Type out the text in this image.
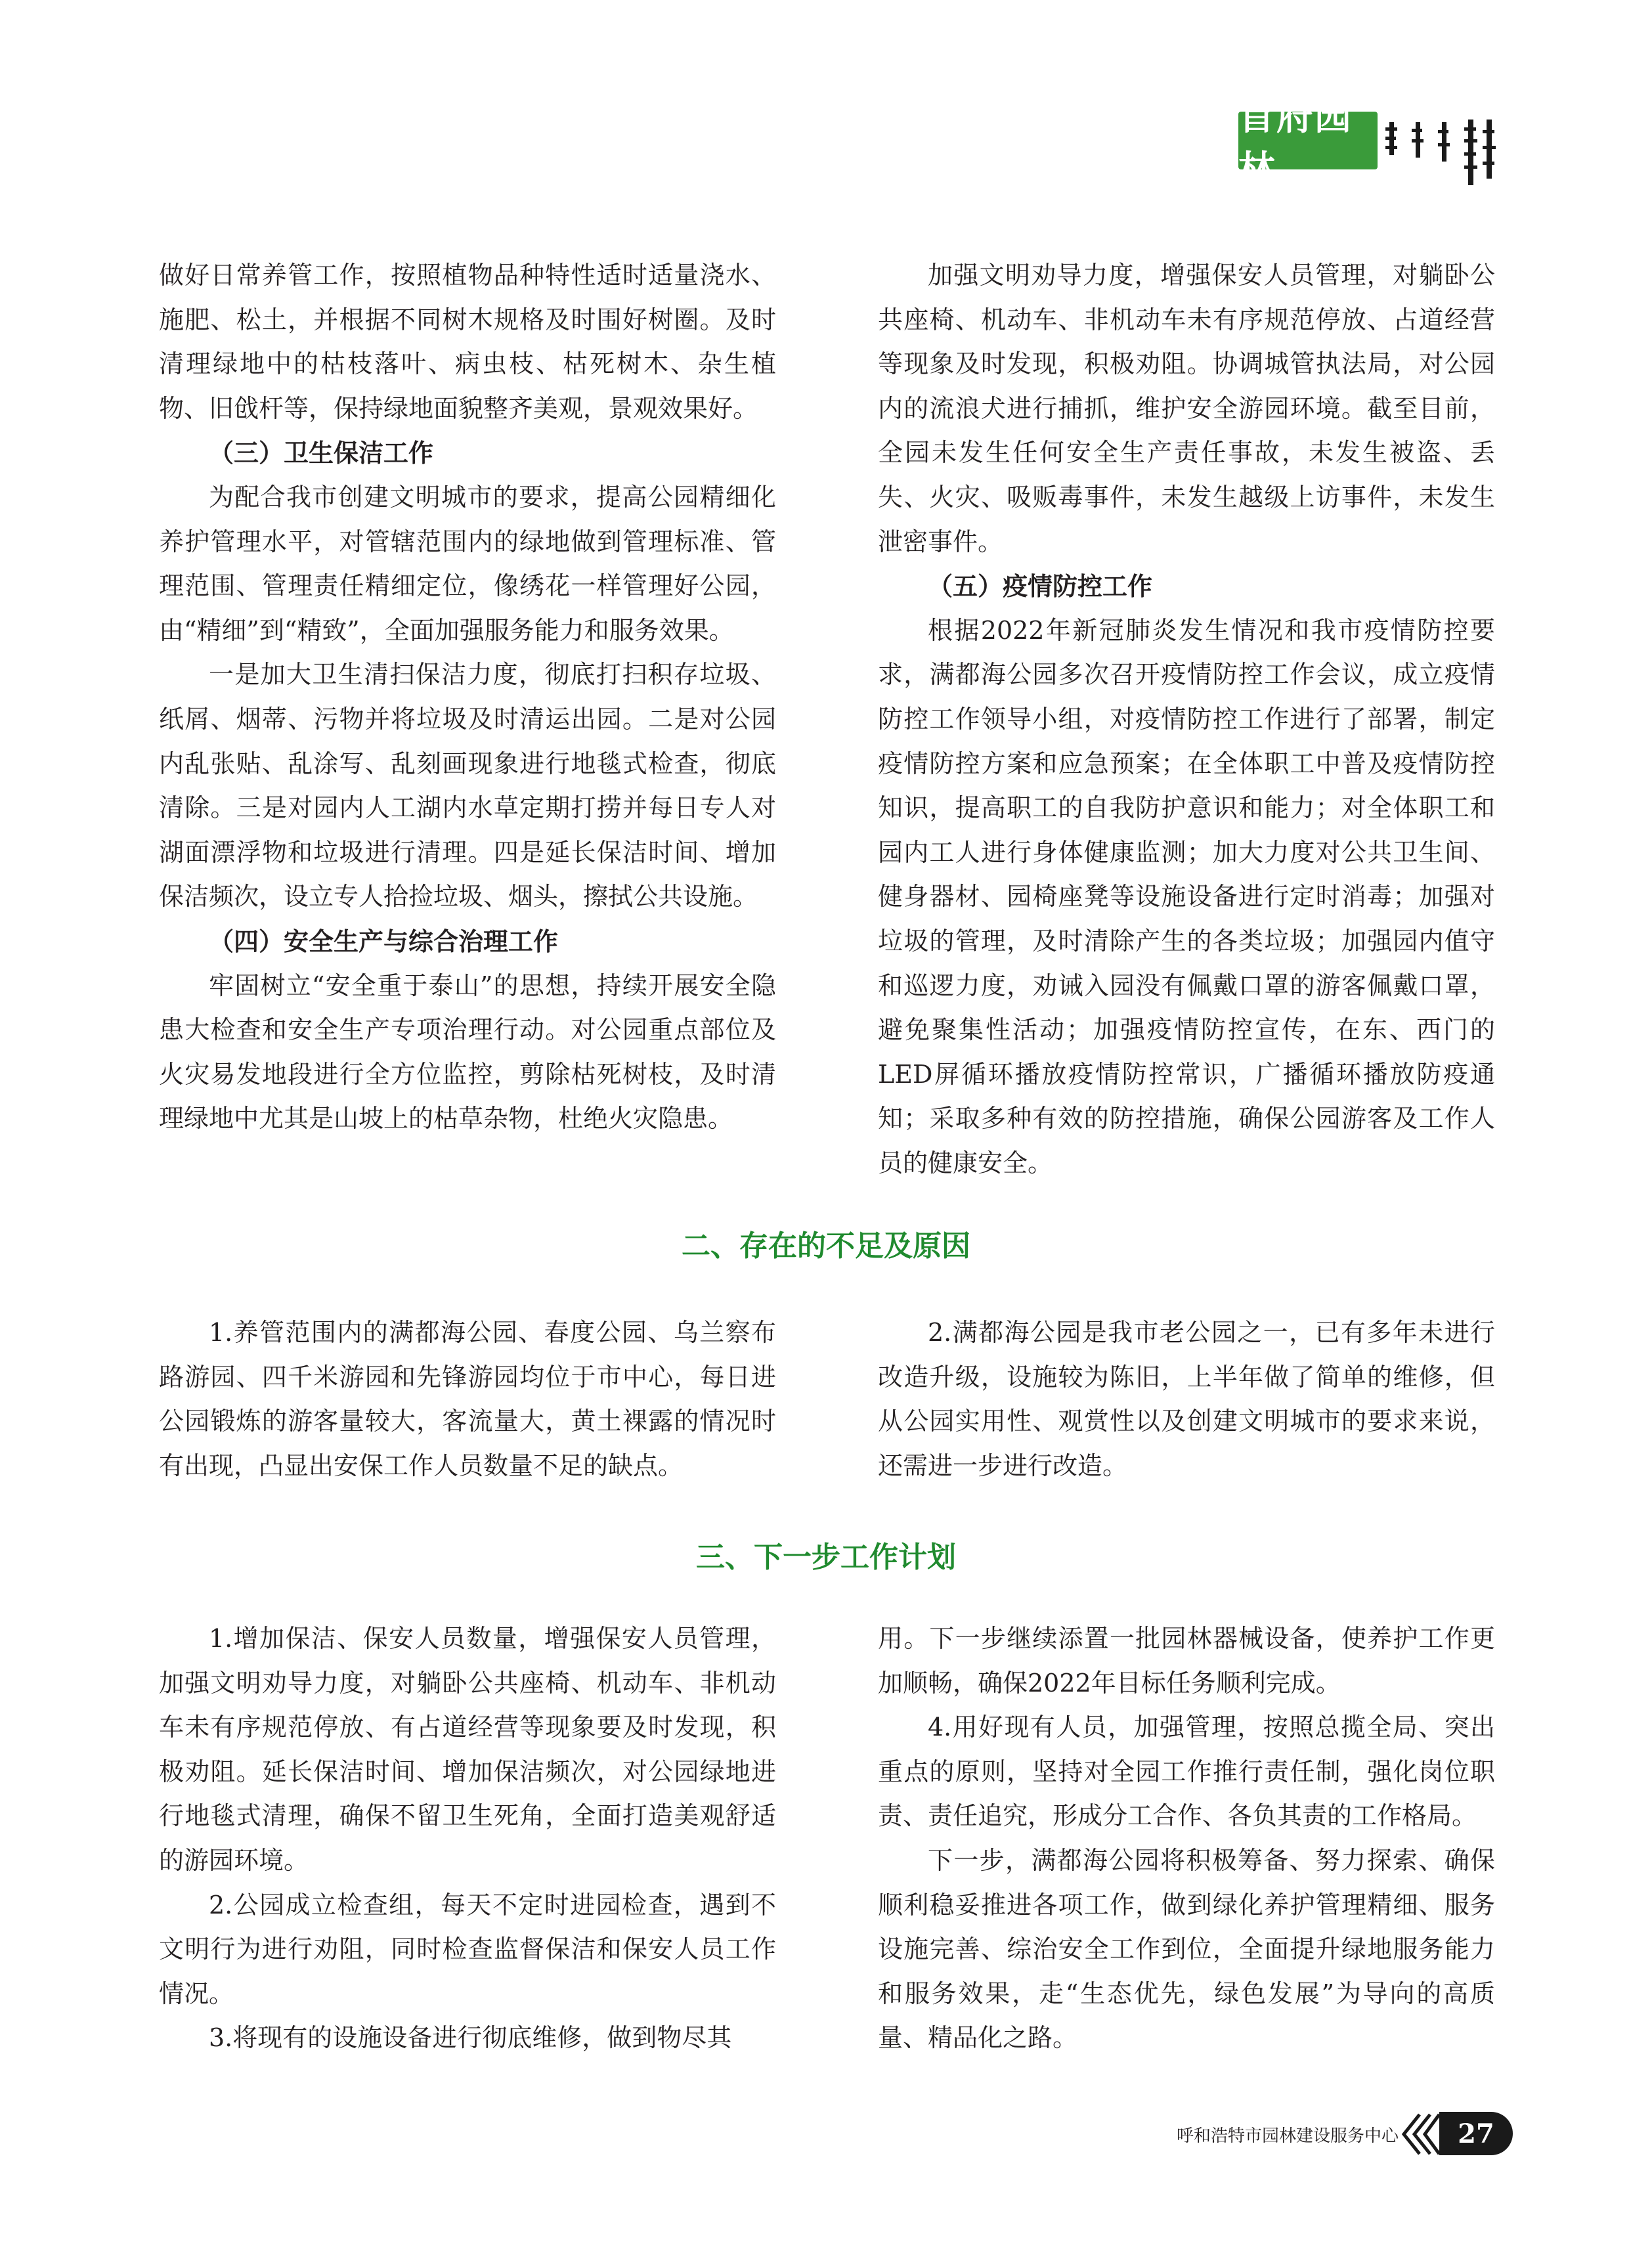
首府园林

做好日常养管工作，按照植物品种特性适时适量浇水、施肥、松土，并根据不同树木规格及时围好树圈。及时清理绿地中的枯枝落叶、病虫枝、枯死树木、杂生植物、旧戗杆等，保持绿地面貌整齐美观，景观效果好。

（三）卫生保洁工作

为配合我市创建文明城市的要求，提高公园精细化养护管理水平，对管辖范围内的绿地做到管理标准、管理范围、管理责任精细定位，像绣花一样管理好公园，由“精细”到“精致”，全面加强服务能力和服务效果。

一是加大卫生清扫保洁力度，彻底打扫积存垃圾、纸屑、烟蒂、污物并将垃圾及时清运出园。二是对公园内乱张贴、乱涂写、乱刻画现象进行地毯式检查，彻底清除。三是对园内人工湖内水草定期打捞并每日专人对湖面漂浮物和垃圾进行清理。四是延长保洁时间、增加保洁频次，设立专人拾捡垃圾、烟头，擦拭公共设施。

（四）安全生产与综合治理工作

牢固树立“安全重于泰山”的思想，持续开展安全隐患大检查和安全生产专项治理行动。对公园重点部位及火灾易发地段进行全方位监控，剪除枯死树枝，及时清理绿地中尤其是山坡上的枯草杂物，杜绝火灾隐患。

加强文明劝导力度，增强保安人员管理，对躺卧公共座椅、机动车、非机动车未有序规范停放、占道经营等现象及时发现，积极劝阻。协调城管执法局，对公园内的流浪犬进行捕抓，维护安全游园环境。截至目前，全园未发生任何安全生产责任事故，未发生被盗、丢失、火灾、吸贩毒事件，未发生越级上访事件，未发生泄密事件。

（五）疫情防控工作

根据2022年新冠肺炎发生情况和我市疫情防控要求，满都海公园多次召开疫情防控工作会议，成立疫情防控工作领导小组，对疫情防控工作进行了部署，制定疫情防控方案和应急预案；在全体职工中普及疫情防控知识，提高职工的自我防护意识和能力；对全体职工和园内工人进行身体健康监测；加大力度对公共卫生间、健身器材、园椅座凳等设施设备进行定时消毒；加强对垃圾的管理，及时清除产生的各类垃圾；加强园内值守和巡逻力度，劝诫入园没有佩戴口罩的游客佩戴口罩，避免聚集性活动；加强疫情防控宣传，在东、西门的LED屏循环播放疫情防控常识，广播循环播放防疫通知；采取多种有效的防控措施，确保公园游客及工作人员的健康安全。

二、存在的不足及原因

1.养管范围内的满都海公园、春度公园、乌兰察布路游园、四千米游园和先锋游园均位于市中心，每日进公园锻炼的游客量较大，客流量大，黄土裸露的情况时有出现，凸显出安保工作人员数量不足的缺点。

2.满都海公园是我市老公园之一，已有多年未进行改造升级，设施较为陈旧，上半年做了简单的维修，但从公园实用性、观赏性以及创建文明城市的要求来说，还需进一步进行改造。

三、下一步工作计划

1.增加保洁、保安人员数量，增强保安人员管理，加强文明劝导力度，对躺卧公共座椅、机动车、非机动车未有序规范停放、有占道经营等现象要及时发现，积极劝阻。延长保洁时间、增加保洁频次，对公园绿地进行地毯式清理，确保不留卫生死角，全面打造美观舒适的游园环境。

2.公园成立检查组，每天不定时进园检查，遇到不文明行为进行劝阻，同时检查监督保洁和保安人员工作情况。

3.将现有的设施设备进行彻底维修，做到物尽其

用。下一步继续添置一批园林器械设备，使养护工作更加顺畅，确保2022年目标任务顺利完成。

4.用好现有人员，加强管理，按照总揽全局、突出重点的原则，坚持对全园工作推行责任制，强化岗位职责、责任追究，形成分工合作、各负其责的工作格局。

下一步，满都海公园将积极筹备、努力探索、确保顺利稳妥推进各项工作，做到绿化养护管理精细、服务设施完善、综治安全工作到位，全面提升绿地服务能力和服务效果，走“生态优先，绿色发展”为导向的高质量、精品化之路。

呼和浩特市园林建设服务中心	27
